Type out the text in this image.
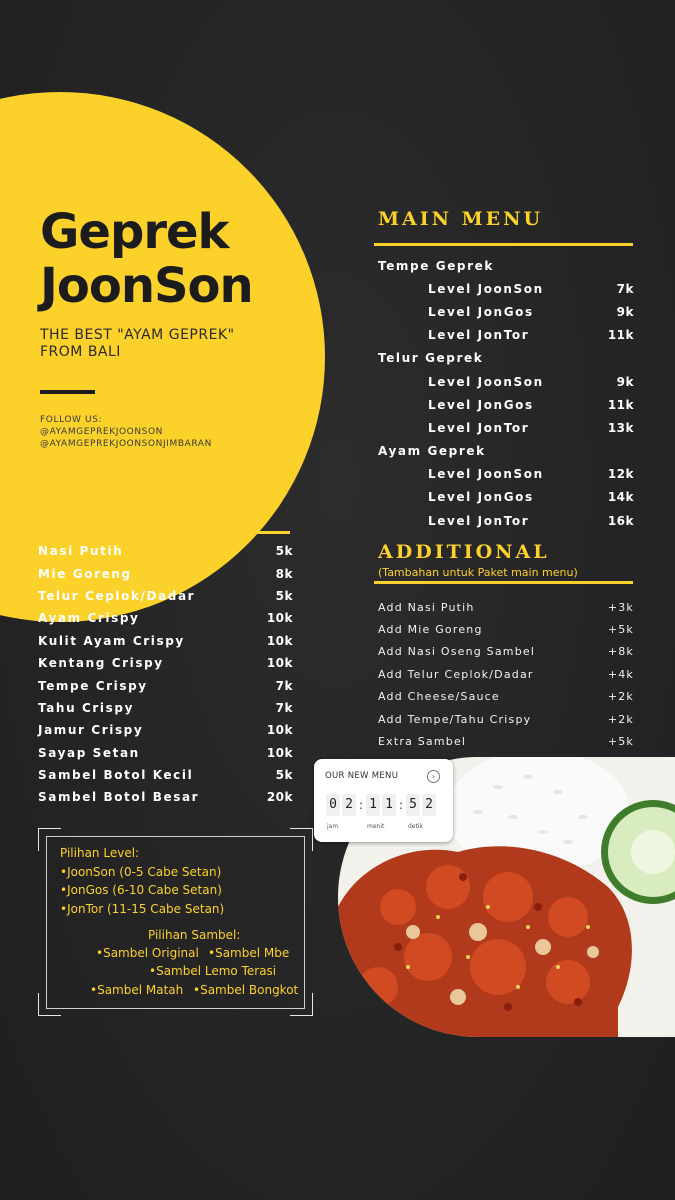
Geprek
JoonSon
THE BEST "AYAM GEPREK"
FROM BALI
FOLLOW US:
@AYAMGEPREKJOONSON
@AYAMGEPREKJOONSONJIMBARAN
A LA CARTE
Nasi Putih	5k
Mie Goreng	8k
Telur Ceplok/Dadar	5k
Ayam Crispy	10k
Kulit Ayam Crispy	10k
Kentang Crispy	10k
Tempe Crispy	7k
Tahu Crispy	7k
Jamur Crispy	10k
Sayap Setan	10k
Sambel Botol Kecil	5k
Sambel Botol Besar	20k
MAIN MENU
Tempe Geprek
Level JoonSon	7k
Level JonGos	9k
Level JonTor	11k
Telur Geprek
Level JoonSon	9k
Level JonGos	11k
Level JonTor	13k
Ayam Geprek
Level JoonSon	12k
Level JonGos	14k
Level JonTor	16k
ADDITIONAL
(Tambahan untuk Paket main menu)
Add Nasi Putih	+3k
Add Mie Goreng	+5k
Add Nasi Oseng Sambel	+8k
Add Telur Ceplok/Dadar	+4k
Add Cheese/Sauce	+2k
Add Tempe/Tahu Crispy	+2k
Extra Sambel	+5k
Pilihan Level:
•JoonSon (0-5 Cabe Setan)
•JonGos (6-10 Cabe Setan)
•JonTor (11-15 Cabe Setan)
Pilihan Sambel:
•Sambel Original •Sambel Mbe
•Sambel Lemo Terasi
•Sambel Matah •Sambel Bongkot
OUR NEW MENU	›
0 2 : 1 1 : 5 2
jam	menit	detik
